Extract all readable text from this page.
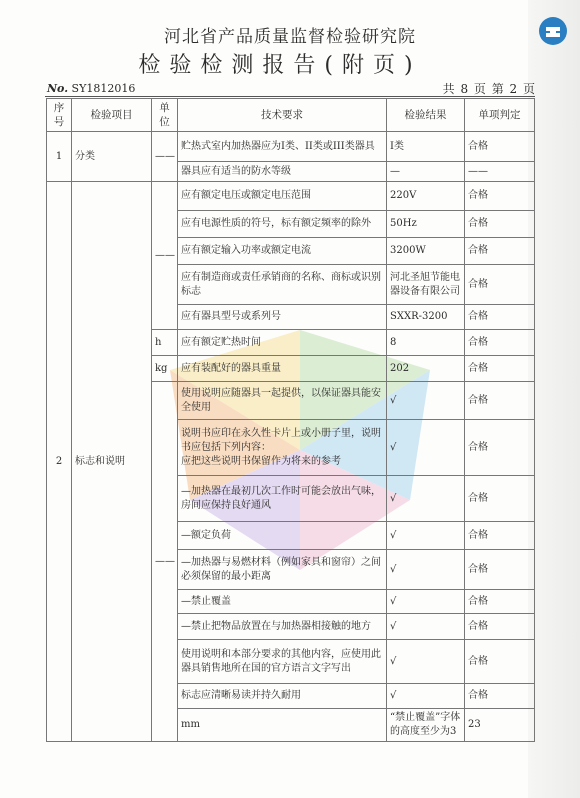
河北省产品质量监督检验研究院
检验检测报告(附页)
No. SY1812016	共 8 页 第 2 页
序号	检验项目	单位	技术要求	检验结果	单项判定	
1	分类	——	贮热式室内加热器应为I类、II类或III类器具	I类	合格	
			器具应有适当的防水等级	—	——	
2	标志和说明	——	应有额定电压或额定电压范围	220V	合格	
			应有电源性质的符号，标有额定频率的除外	50Hz	合格	
			应有额定输入功率或额定电流	3200W	合格	
			应有制造商或责任承销商的名称、商标或识别标志	河北圣旭节能电器设备有限公司	合格	
			应有器具型号或系列号	SXXR-3200	合格	
		h	应有额定贮热时间	8	合格	
		kg	应有装配好的器具重量	202	合格	
		——	使用说明应随器具一起提供，以保证器具能安全使用	√	合格	
			说明书应印在永久性卡片上或小册子里，说明书应包括下列内容：
应把这些说明书保留作为将来的参考	√	合格	
			—加热器在最初几次工作时可能会放出气味，房间应保持良好通风	√	合格	
			—额定负荷	√	合格	
			—加热器与易燃材料（例如家具和窗帘）之间必须保留的最小距离	√	合格	
			—禁止覆盖	√	合格	
			—禁止把物品放置在与加热器相接触的地方	√	合格	
			使用说明和本部分要求的其他内容，应使用此器具销售地所在国的官方语言文字写出	√	合格	
			标志应清晰易读并持久耐用	√	合格	
			mm	“禁止覆盖”字体的高度至少为3	23	
